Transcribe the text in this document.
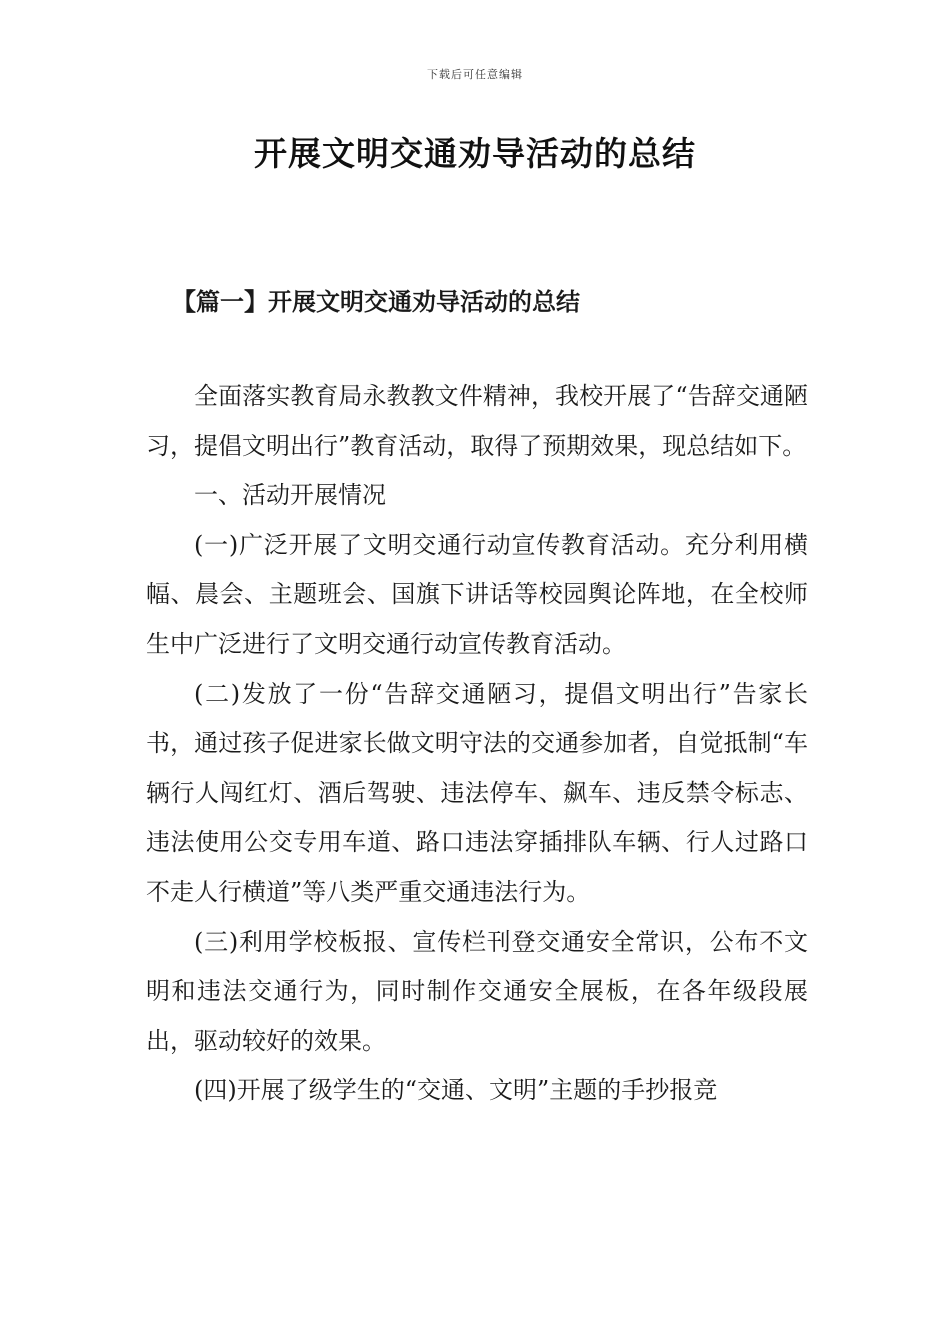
下载后可任意编辑
开展文明交通劝导活动的总结
【篇一】开展文明交通劝导活动的总结

全面落实教育局永教教文件精神，我校开展了“告辞交通陋习，提倡文明出行”教育活动，取得了预期效果，现总结如下。

一、活动开展情况

(一)广泛开展了文明交通行动宣传教育活动。充分利用横幅、晨会、主题班会、国旗下讲话等校园舆论阵地，在全校师生中广泛进行了文明交通行动宣传教育活动。

(二)发放了一份“告辞交通陋习，提倡文明出行”告家长书，通过孩子促进家长做文明守法的交通参加者，自觉抵制“车辆行人闯红灯、酒后驾驶、违法停车、飙车、违反禁令标志、违法使用公交专用车道、路口违法穿插排队车辆、行人过路口不走人行横道”等八类严重交通违法行为。

(三)利用学校板报、宣传栏刊登交通安全常识，公布不文明和违法交通行为，同时制作交通安全展板，在各年级段展出，驱动较好的效果。

(四)开展了级学生的“交通、文明”主题的手抄报竞
